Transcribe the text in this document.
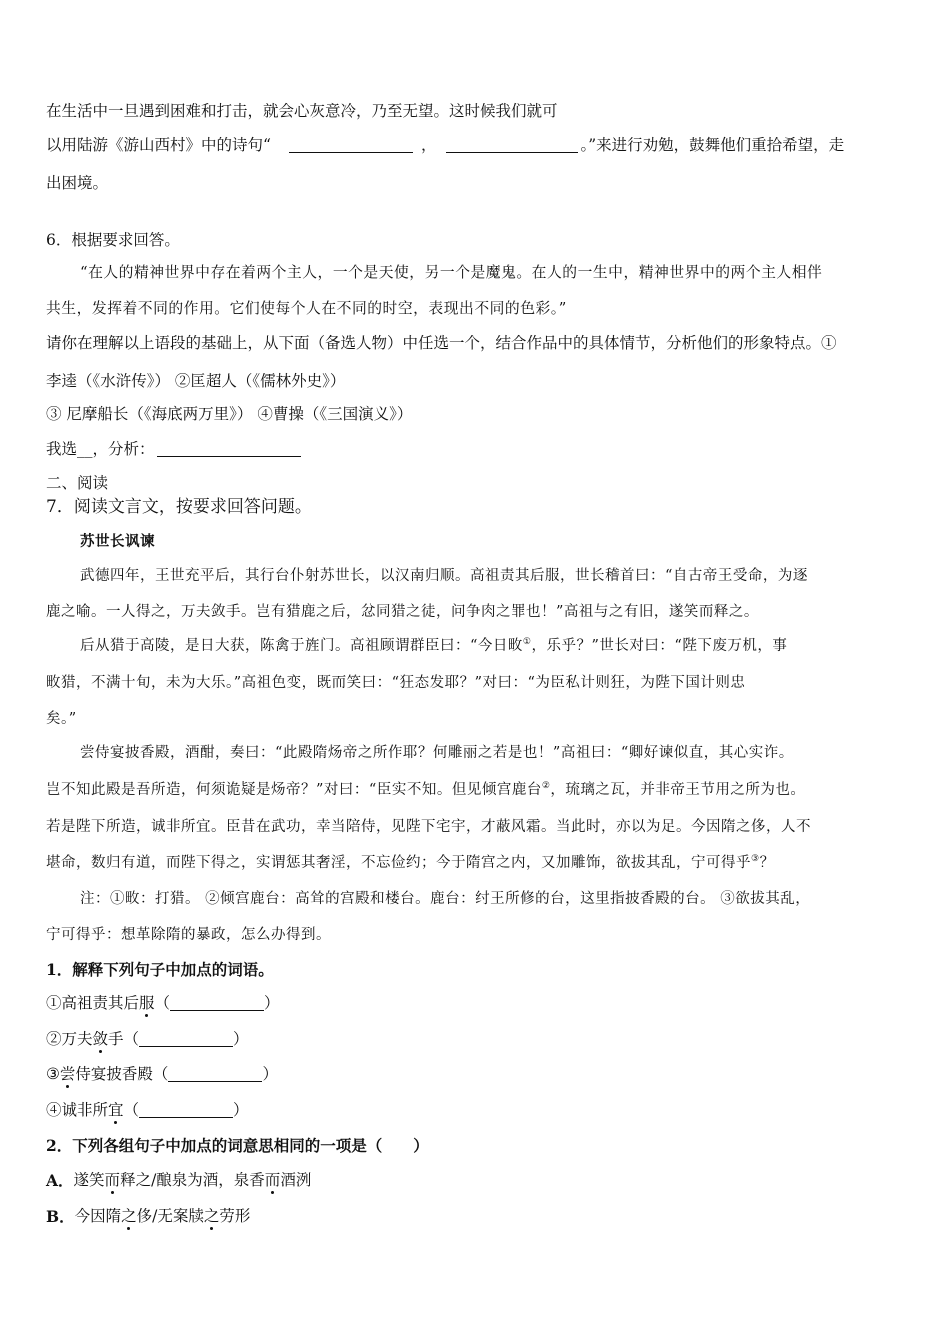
在生活中一旦遇到困难和打击，就会心灰意冷，乃至无望。这时候我们就可
以用陆游《游山西村》中的诗句“	，	。”来进行劝勉，鼓舞他们重拾希望，走
出困境。
6．根据要求回答。
“在人的精神世界中存在着两个主人，一个是天使，另一个是魔鬼。在人的一生中，精神世界中的两个主人相伴
共生，发挥着不同的作用。它们使每个人在不同的时空，表现出不同的色彩。”
请你在理解以上语段的基础上，从下面（备选人物）中任选一个，结合作品中的具体情节，分析他们的形象特点。①
李逵（《水浒传》） ②匡超人（《儒林外史》）
③ 尼摩船长（《海底两万里》） ④曹操（《三国演义》）
我选__，分析：
二、阅读
7．阅读文言文，按要求回答问题。
苏世长讽谏
武德四年，王世充平后，其行台仆射苏世长，以汉南归顺。高祖责其后服，世长稽首曰：“自古帝王受命，为逐
鹿之喻。一人得之，万夫敛手。岂有猎鹿之后，忿同猎之徒，问争肉之罪也！”高祖与之有旧，遂笑而释之。
后从猎于高陵，是日大获，陈禽于旌门。高祖顾谓群臣曰：“今日畋①，乐乎？”世长对曰：“陛下废万机，事
畋猎，不满十旬，未为大乐。”高祖色变，既而笑曰：“狂态发耶？”对曰：“为臣私计则狂，为陛下国计则忠
矣。”
尝侍宴披香殿，酒酣，奏曰：“此殿隋炀帝之所作耶？何雕丽之若是也！”高祖曰：“卿好谏似直，其心实诈。
岂不知此殿是吾所造，何须诡疑是炀帝？”对曰：“臣实不知。但见倾宫鹿台②，琉璃之瓦，并非帝王节用之所为也。
若是陛下所造，诚非所宜。臣昔在武功，幸当陪侍，见陛下宅宇，才蔽风霜。当此时，亦以为足。今因隋之侈，人不
堪命，数归有道，而陛下得之，实谓惩其奢淫，不忘俭约；今于隋宫之内，又加雕饰，欲拔其乱，宁可得乎③？
注：①畋：打猎。 ②倾宫鹿台：高耸的宫殿和楼台。鹿台：纣王所修的台，这里指披香殿的台。 ③欲拔其乱，
宁可得乎：想革除隋的暴政，怎么办得到。
1．解释下列句子中加点的词语。
①高祖责其后 服 （	）
②万夫 敛 手（	）
③ 尝 侍宴披香殿（	）
④诚非所 宜 （	）
2．下列各组句子中加点的词意思相同的一项是（　　）
A． 遂笑 而 释之/酿泉为酒，泉香 而 酒洌
B． 今因隋 之 侈/无案牍 之 劳形
